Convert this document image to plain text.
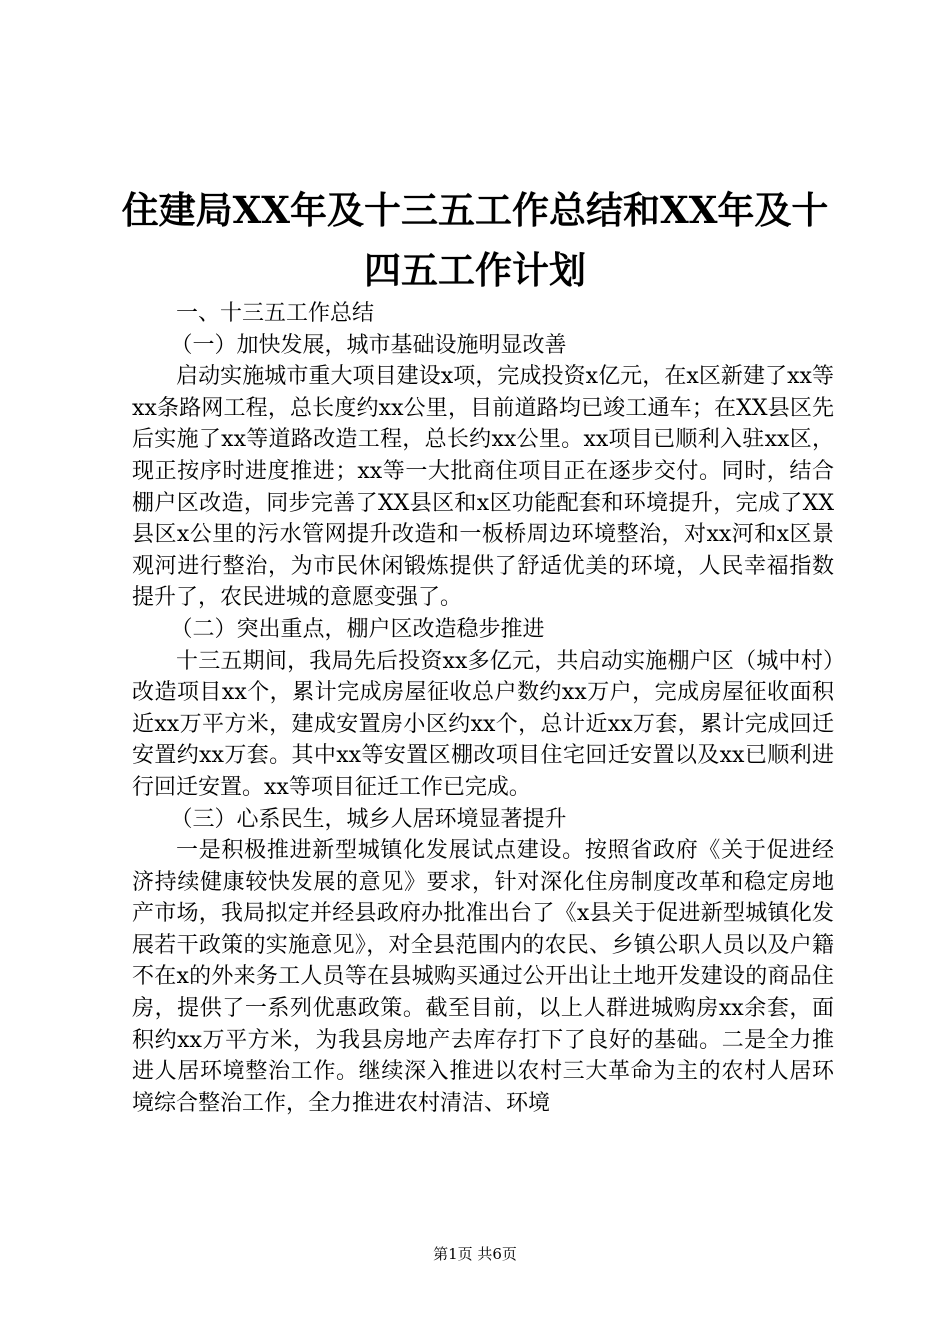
住建局XX年及十三五工作总结和XX年及十四五工作计划

一、十三五工作总结

（一）加快发展，城市基础设施明显改善

启动实施城市重大项目建设x项，完成投资x亿元，在x区新建了xx等xx条路网工程，总长度约xx公里，目前道路均已竣工通车；在XX县区先后实施了xx等道路改造工程，总长约xx公里。xx项目已顺利入驻xx区，现正按序时进度推进；xx等一大批商住项目正在逐步交付。同时，结合棚户区改造，同步完善了XX县区和x区功能配套和环境提升，完成了XX县区x公里的污水管网提升改造和一板桥周边环境整治，对xx河和x区景观河进行整治，为市民休闲锻炼提供了舒适优美的环境，人民幸福指数提升了，农民进城的意愿变强了。

（二）突出重点，棚户区改造稳步推进

十三五期间，我局先后投资xx多亿元，共启动实施棚户区（城中村）改造项目xx个，累计完成房屋征收总户数约xx万户，完成房屋征收面积近xx万平方米，建成安置房小区约xx个，总计近xx万套，累计完成回迁安置约xx万套。其中xx等安置区棚改项目住宅回迁安置以及xx已顺利进行回迁安置。xx等项目征迁工作已完成。

（三）心系民生，城乡人居环境显著提升

一是积极推进新型城镇化发展试点建设。按照省政府《关于促进经济持续健康较快发展的意见》要求，针对深化住房制度改革和稳定房地产市场，我局拟定并经县政府办批准出台了《x县关于促进新型城镇化发展若干政策的实施意见》，对全县范围内的农民、乡镇公职人员以及户籍不在x的外来务工人员等在县城购买通过公开出让土地开发建设的商品住房，提供了一系列优惠政策。截至目前，以上人群进城购房xx余套，面积约xx万平方米，为我县房地产去库存打下了良好的基础。二是全力推进人居环境整治工作。继续深入推进以农村三大革命为主的农村人居环境综合整治工作，全力推进农村清洁、环境

第1页 共6页
